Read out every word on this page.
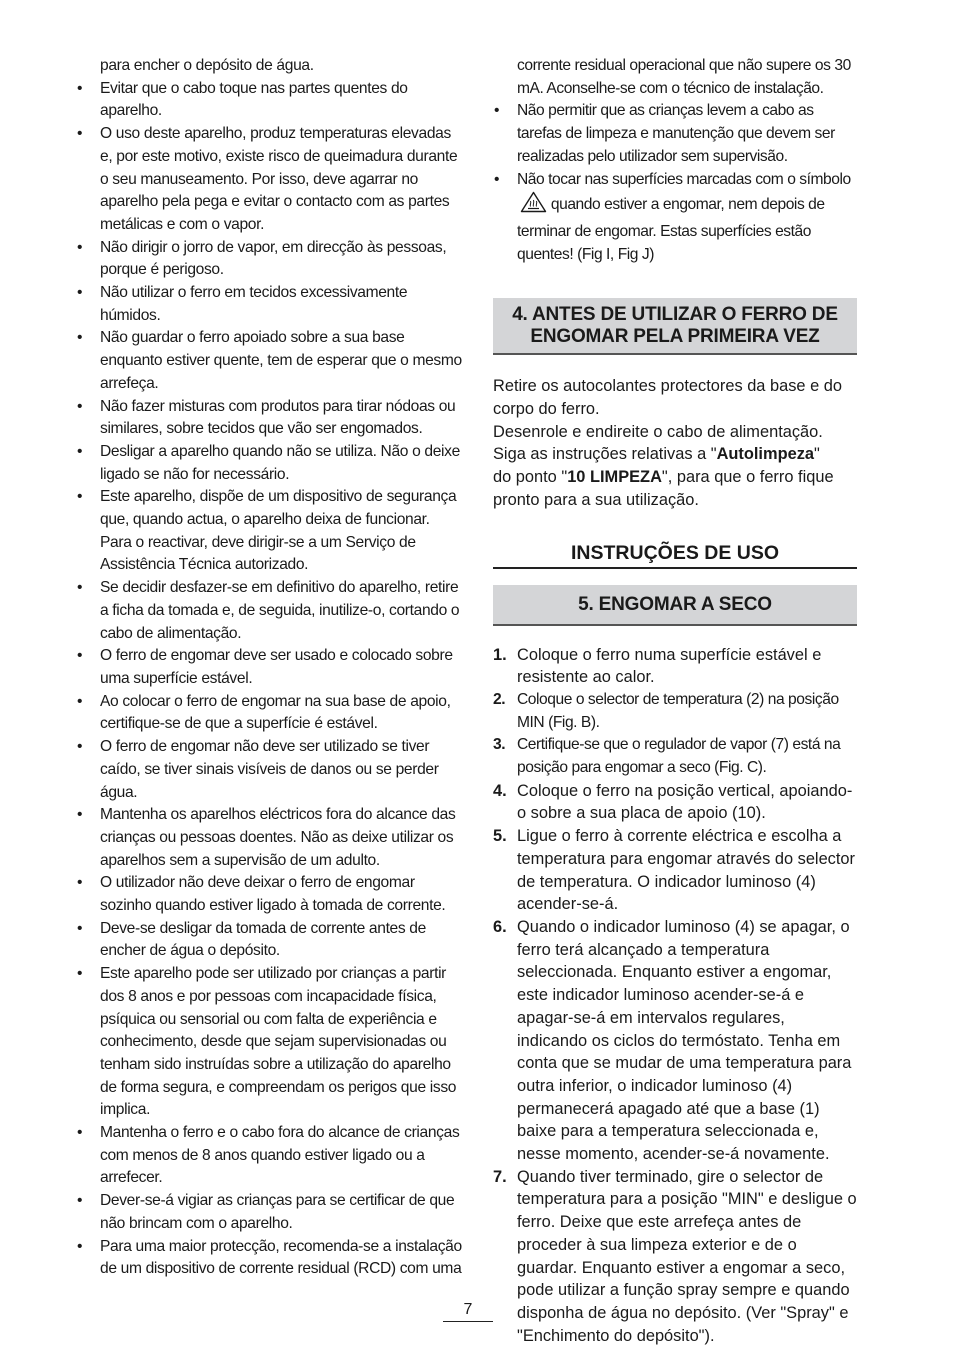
para encher o depósito de água.

• Evitar que o cabo toque nas partes quentes do aparelho.
• O uso deste aparelho, produz temperaturas elevadas e, por este motivo, existe risco de queimadura durante o seu manuseamento. Por isso, deve agarrar no aparelho pela pega e evitar o contacto com as partes metálicas e com o vapor.
• Não dirigir o jorro de vapor, em direcção às pessoas, porque é perigoso.
• Não utilizar o ferro em tecidos excessivamente húmidos.
• Não guardar o ferro apoiado sobre a sua base enquanto estiver quente, tem de esperar que o mesmo arrefeça.
• Não fazer misturas com produtos para tirar nódoas ou similares, sobre tecidos que vão ser engomados.
• Desligar a aparelho quando não se utiliza. Não o deixe ligado se não for necessário.
• Este aparelho, dispõe de um dispositivo de segurança que, quando actua, o aparelho deixa de funcionar. Para o reactivar, deve dirigir-se a um Serviço de Assistência Técnica autorizado.
• Se decidir desfazer-se em definitivo do aparelho, retire a ficha da tomada e, de seguida, inutilize-o, cortando o cabo de alimentação.
• O ferro de engomar deve ser usado e colocado sobre uma superfície estável.
• Ao colocar o ferro de engomar na sua base de apoio, certifique-se de que a superfície é estável.
• O ferro de engomar não deve ser utilizado se tiver caído, se tiver sinais visíveis de danos ou se perder água.
• Mantenha os aparelhos eléctricos fora do alcance das crianças ou pessoas doentes. Não as deixe utilizar os aparelhos sem a supervisão de um adulto.
• O utilizador não deve deixar o ferro de engomar sozinho quando estiver ligado à tomada de corrente.
• Deve-se desligar da tomada de corrente antes de encher de água o depósito.
• Este aparelho pode ser utilizado por crianças a partir dos 8 anos e por pessoas com incapacidade física, psíquica ou sensorial ou com falta de experiência e conhecimento, desde que sejam supervisionadas ou tenham sido instruídas sobre a utilização do aparelho de forma segura, e compreendam os perigos que isso implica.
• Mantenha o ferro e o cabo fora do alcance de crianças com menos de 8 anos quando estiver ligado ou a arrefecer.
• Dever-se-á vigiar as crianças para se certificar de que não brincam com o aparelho.
• Para uma maior protecção, recomenda-se a instalação de um dispositivo de corrente residual (RCD) com uma

corrente residual operacional que não supere os 30 mA. Aconselhe-se com o técnico de instalação.

• Não permitir que as crianças levem a cabo as tarefas de limpeza e manutenção que devem ser realizadas pelo utilizador sem supervisão.
• Não tocar nas superfícies marcadas com o símbolo quando estiver a engomar, nem depois de terminar de engomar. Estas superfícies estão quentes! (Fig I, Fig J)
4. ANTES DE UTILIZAR O FERRO DE
ENGOMAR PELA PRIMEIRA VEZ

Retire os autocolantes protectores da base e do corpo do ferro.
Desenrole e endireite o cabo de alimentação.
Siga as instruções relativas a "Autolimpeza"
do ponto "10 LIMPEZA", para que o ferro fique pronto para a sua utilização.

INSTRUÇÕES DE USO
5. ENGOMAR A SECO
1. Coloque o ferro numa superfície estável e resistente ao calor.
2. Coloque o selector de temperatura (2) na posição MIN (Fig. B).
3. Certifique-se que o regulador de vapor (7) está na posição para engomar a seco (Fig. C).
4. Coloque o ferro na posição vertical, apoiando-o sobre a sua placa de apoio (10).
5. Ligue o ferro à corrente eléctrica e escolha a temperatura para engomar através do selector de temperatura. O indicador luminoso (4) acender-se-á.
6. Quando o indicador luminoso (4) se apagar, o ferro terá alcançado a temperatura seleccionada. Enquanto estiver a engomar, este indicador luminoso acender-se-á e apagar-se-á em intervalos regulares, indicando os ciclos do termóstato. Tenha em conta que se mudar de uma temperatura para outra inferior, o indicador luminoso (4) permanecerá apagado até que a base (1) baixe para a temperatura seleccionada e, nesse momento, acender-se-á novamente.
7. Quando tiver terminado, gire o selector de temperatura para a posição "MIN" e desligue o ferro. Deixe que este arrefeça antes de proceder à sua limpeza exterior e de o guardar. Enquanto estiver a engomar a seco, pode utilizar a função spray sempre e quando disponha de água no depósito. (Ver "Spray" e "Enchimento do depósito").
7
